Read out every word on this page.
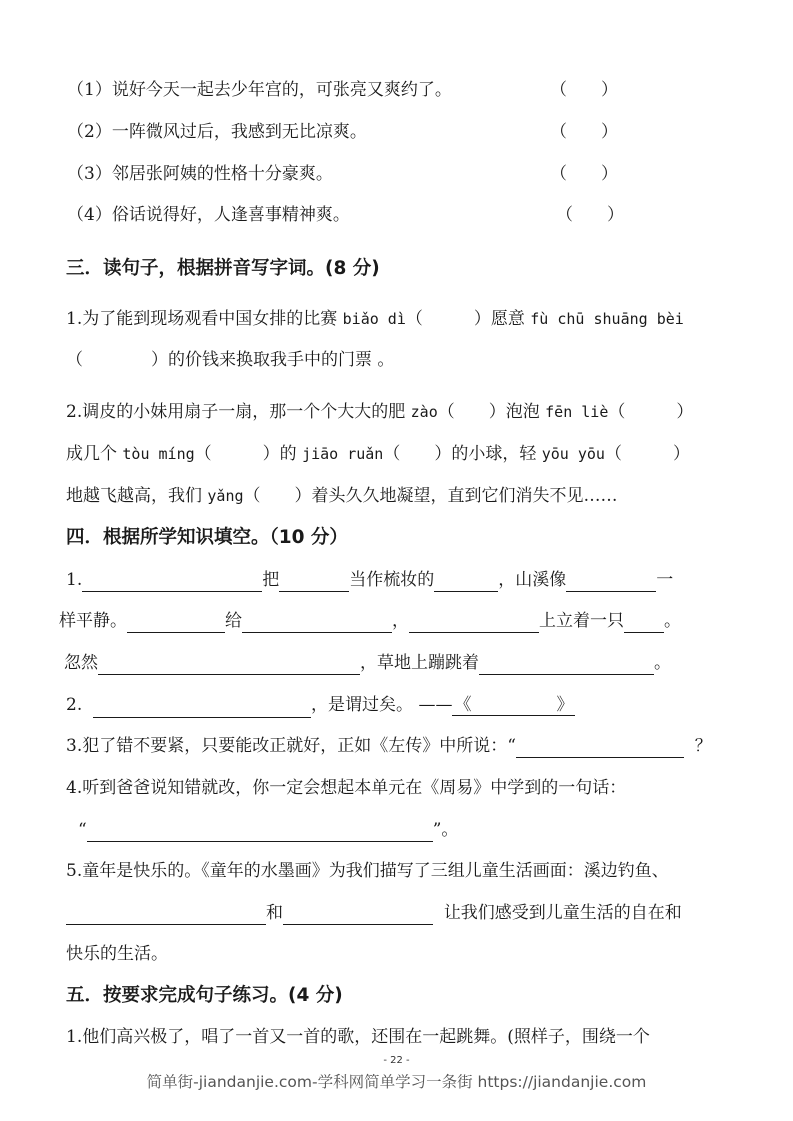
（1）说好今天一起去少年宫的，可张亮又爽约了。	（　　）
（2）一阵微风过后，我感到无比凉爽。	（　　）
（3）邻居张阿姨的性格十分豪爽。	（　　）
（4）俗话说得好，人逢喜事精神爽。	（　　）
三．读句子，根据拼音写字词。(8 分)
1.为了能到现场观看中国女排的比赛 biǎo dì（　　　）愿意 fù chū shuāng bèi
（　　　　）的价钱来换取我手中的门票 。
2.调皮的小妹用扇子一扇，那一个个大大的肥 zào（　　）泡泡 fēn liè（　　　）
成几个 tòu míng（　　　）的 jiāo ruǎn（　　）的小球，轻 yōu yōu（　　　）
地越飞越高，我们 yǎng（　　）着头久久地凝望，直到它们消失不见……
四．根据所学知识填空。（10 分）
1.	把	当作梳妆的	，山溪像	一
样平静。	给	，	上立着一只 。
忽然	，草地上蹦跳着	。
2.	，是谓过矣。 —— 《　　　　　》
3.犯了错不要紧，只要能改正就好，正如《左传》中所说：“	？
4.听到爸爸说知错就改，你一定会想起本单元在《周易》中学到的一句话：
“	”。
5.童年是快乐的。《童年的水墨画》为我们描写了三组儿童生活画面：溪边钓鱼、
和	让我们感受到儿童生活的自在和
快乐的生活。
五．按要求完成句子练习。(4 分)
1.他们高兴极了，唱了一首又一首的歌，还围在一起跳舞。(照样子，围绕一个
- 22 -
简单街-jiandanjie.com-学科网简单学习一条街 https://jiandanjie.com
